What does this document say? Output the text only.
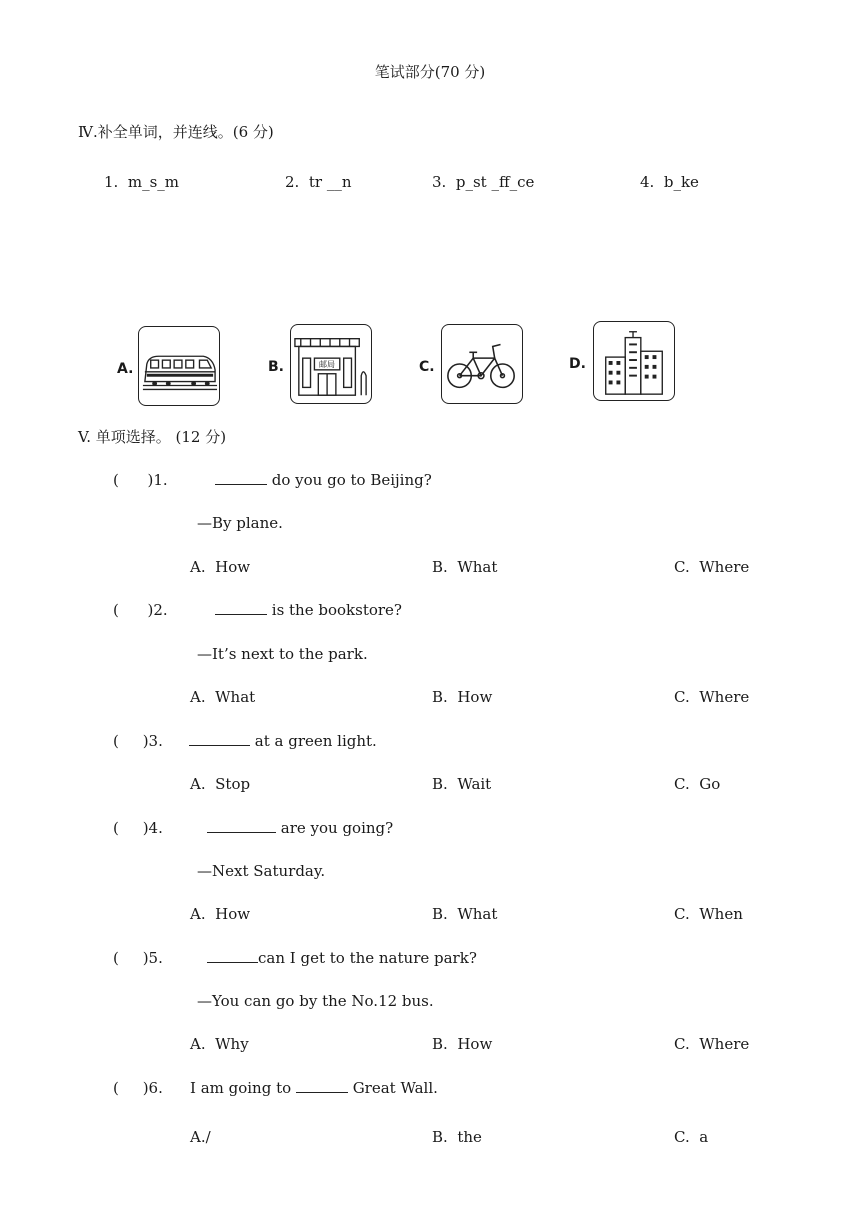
笔试部分(70 分)
Ⅳ.补全单词，并连线。(6 分)
1.  m_s_m	2.  tr __n	3.  p_st _ff_ce	4.  b_ke
A.	B.	邮局	C.	D.
V. 单项选择。 (12 分)
(      )1.	do you go to Beijing?
—By plane.
A.  How	B.  What	C.  Where
(      )2.	is the bookstore?
—It’s next to the park.
A.  What	B.  How	C.  Where
(     )3.	at a green light.
A.  Stop	B.  Wait	C.  Go
(     )4.	are you going?
—Next Saturday.
A.  How	B.  What	C.  When
(     )5.	can I get to the nature park?
—You can go by the No.12 bus.
A.  Why	B.  How	C.  Where
(     )6. I am going to	Great Wall.
A./	B.  the	C.  a
